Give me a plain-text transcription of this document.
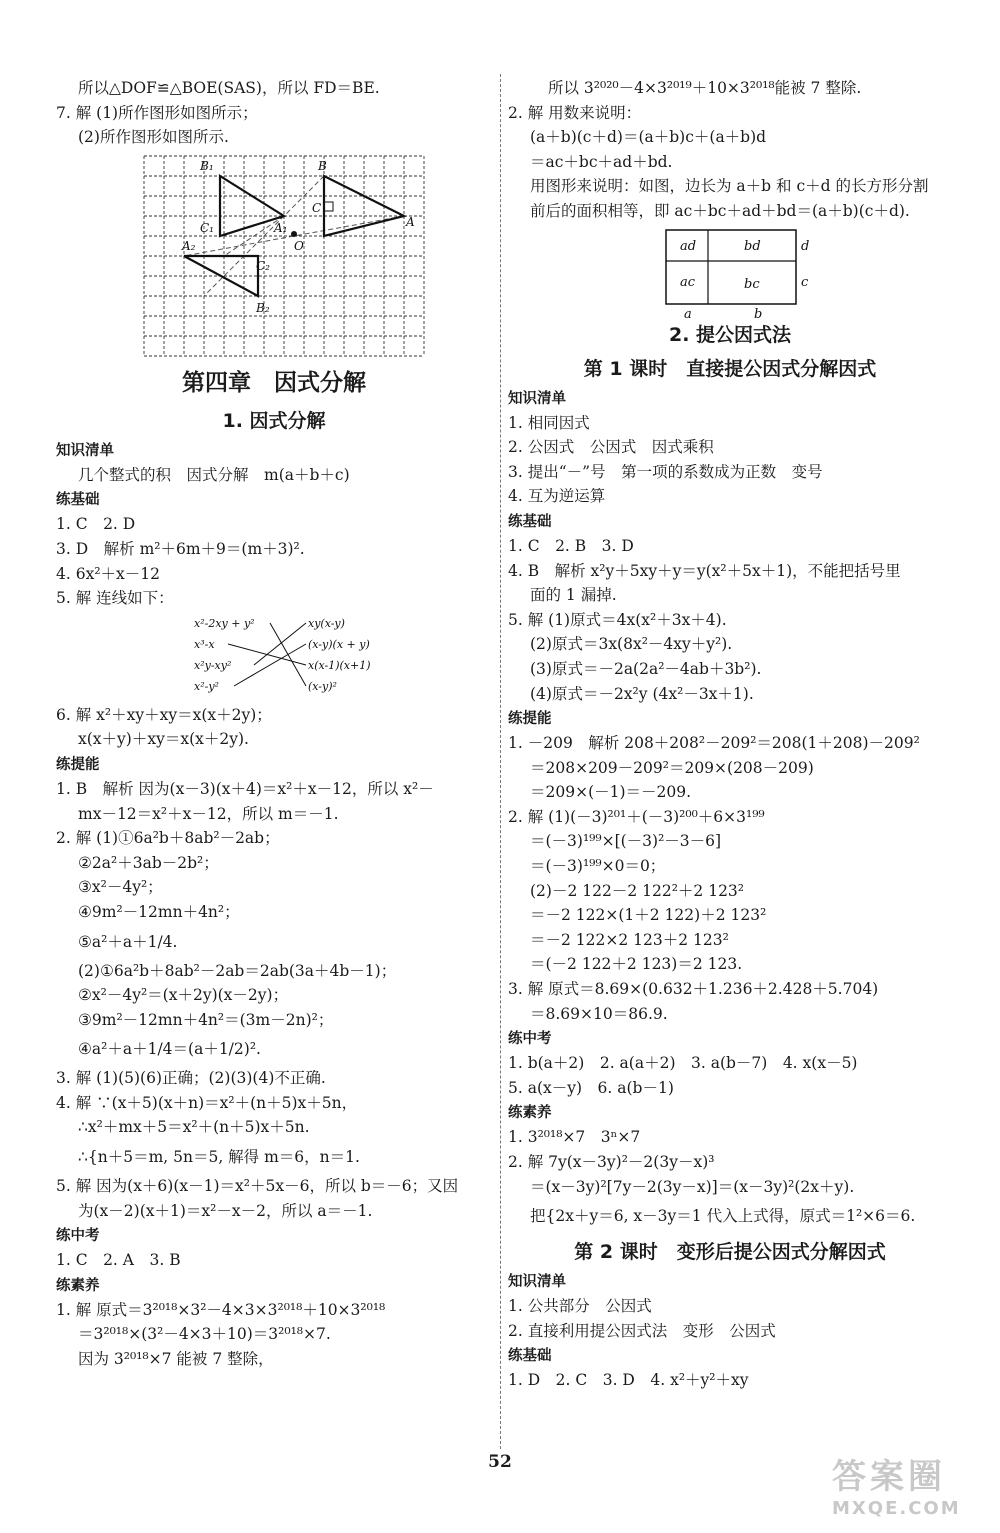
所以△DOF≌△BOE(SAS)，所以 FD＝BE.
7. 解 (1)所作图形如图所示；
(2)所作图形如图所示.
B₁
C₁	A₁
B
C
A
O
A₂
C₂
B₂
第四章　因式分解
1. 因式分解
知识清单
几个整式的积　因式分解　m(a＋b＋c)
练基础
1. C　2. D
3. D　解析 m²＋6m＋9＝(m＋3)².
4. 6x²＋x－12
5. 解 连线如下：
x²-2xy + y²
x³-x
x²y-xy²
x²-y²
xy(x-y)
(x-y)(x + y)
x(x-1)(x+1)
(x-y)²
6. 解 x²＋xy＋xy＝x(x＋2y)；
x(x＋y)＋xy＝x(x＋2y).
练提能
1. B　解析 因为(x－3)(x＋4)＝x²＋x－12，所以 x²－
mx－12＝x²＋x－12，所以 m＝－1.
2. 解 (1)①6a²b＋8ab²－2ab；
②2a²＋3ab－2b²；
③x²－4y²；
④9m²－12mn＋4n²；
⑤a²＋a＋1/4.
(2)①6a²b＋8ab²－2ab＝2ab(3a＋4b－1)；
②x²－4y²＝(x＋2y)(x－2y)；
③9m²－12mn＋4n²＝(3m－2n)²；
④a²＋a＋1/4＝(a＋1/2)².
3. 解 (1)(5)(6)正确；(2)(3)(4)不正确.
4. 解 ∵(x＋5)(x＋n)＝x²＋(n＋5)x＋5n，
∴x²＋mx＋5＝x²＋(n＋5)x＋5n.
∴{n＋5＝m, 5n＝5, 解得 m＝6，n＝1.
5. 解 因为(x＋6)(x－1)＝x²＋5x－6，所以 b＝－6；又因
为(x－2)(x＋1)＝x²－x－2，所以 a＝－1.
练中考
1. C　2. A　3. B
练素养
1. 解 原式＝3²⁰¹⁸×3²－4×3×3²⁰¹⁸＋10×3²⁰¹⁸
＝3²⁰¹⁸×(3²－4×3＋10)＝3²⁰¹⁸×7.
因为 3²⁰¹⁸×7 能被 7 整除，
所以 3²⁰²⁰－4×3²⁰¹⁹＋10×3²⁰¹⁸能被 7 整除.
2. 解 用数来说明：
(a＋b)(c＋d)＝(a＋b)c＋(a＋b)d
＝ac＋bc＋ad＋bd.
用图形来说明：如图，边长为 a＋b 和 c＋d 的长方形分割
前后的面积相等，即 ac＋bc＋ad＋bd＝(a＋b)(c＋d).
ad	bd
ac	bc
d
c
a	b
2. 提公因式法
第 1 课时　直接提公因式分解因式
知识清单
1. 相同因式
2. 公因式　公因式　因式乘积
3. 提出“－”号　第一项的系数成为正数　变号
4. 互为逆运算
练基础
1. C　2. B　3. D
4. B　解析 x²y＋5xy＋y＝y(x²＋5x＋1)，不能把括号里
面的 1 漏掉.
5. 解 (1)原式＝4x(x²＋3x＋4).
(2)原式＝3x(8x²－4xy＋y²).
(3)原式＝－2a(2a²－4ab＋3b²).
(4)原式＝－2x²y (4x²－3x＋1).
练提能
1. －209　解析 208＋208²－209²＝208(1＋208)－209²
＝208×209－209²＝209×(208－209)
＝209×(－1)＝－209.
2. 解 (1)(－3)²⁰¹＋(－3)²⁰⁰＋6×3¹⁹⁹
＝(－3)¹⁹⁹×[(－3)²－3－6]
＝(－3)¹⁹⁹×0＝0；
(2)－2 122－2 122²＋2 123²
＝－2 122×(1＋2 122)＋2 123²
＝－2 122×2 123＋2 123²
＝(－2 122＋2 123)＝2 123.
3. 解 原式＝8.69×(0.632＋1.236＋2.428＋5.704)
＝8.69×10＝86.9.
练中考
1. b(a＋2)　2. a(a＋2)　3. a(b－7)　4. x(x－5)
5. a(x－y)　6. a(b－1)
练素养
1. 3²⁰¹⁸×7　3ⁿ×7
2. 解 7y(x－3y)²－2(3y－x)³
＝(x－3y)²[7y－2(3y－x)]＝(x－3y)²(2x＋y).
把{2x＋y＝6, x－3y＝1 代入上式得，原式＝1²×6＝6.
第 2 课时　变形后提公因式分解因式
知识清单
1. 公共部分　公因式
2. 直接利用提公因式法　变形　公因式
练基础
1. D　2. C　3. D　4. x²＋y²＋xy
52	答案圈
MXQE.COM
